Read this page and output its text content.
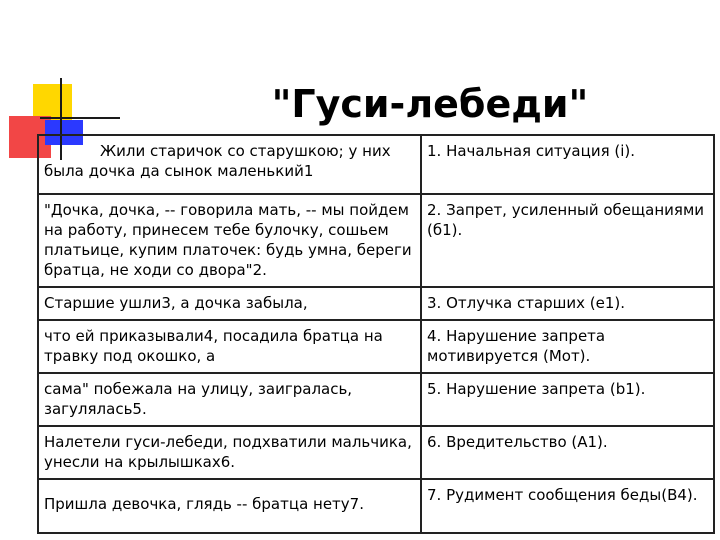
"Гуси-лебеди"
Жили старичок со старушкою; у них была дочка да сынок маленький1	1. Начальная ситуация (i).
"Дочка, дочка, -- говорила мать, -- мы пойдем на работу, принесем тебе булочку, сошьем платьице, купим платочек: будь умна, береги братца, не ходи со двора"2.	2. Запрет, усиленный обещаниями (б1).
Старшие ушли3, а дочка забыла,	3. Отлучка старших (е1).
что ей приказывали4, посадила братца на травку под окошко, а	4. Нарушение запрета мотивируется (Мот).
сама" побежала на улицу, заигралась, загулялась5.	5. Нарушение запрета (b1).
Налетели гуси-лебеди, подхватили мальчика, унесли на крылышках6.	6. Вредительство (А1).
Пришла девочка, глядь -- братца нету7.	7. Рудимент сообщения беды(В4).
